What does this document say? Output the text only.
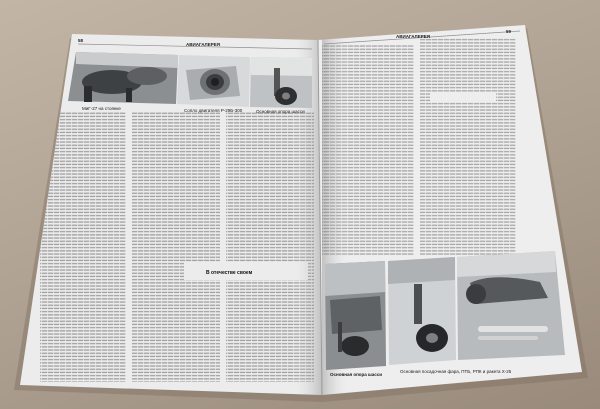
58
АВИАГАЛЕРЕЯ
МиГ-27 на стоянке	Сопло двигателя Р-29Б-300	Основная опора шасси
В отечестве своем
АВИАГАЛЕРЕЯ
59
Основная опора шасси
Основная посадочная фара, ПТБ, РПК и ракета Х-25
